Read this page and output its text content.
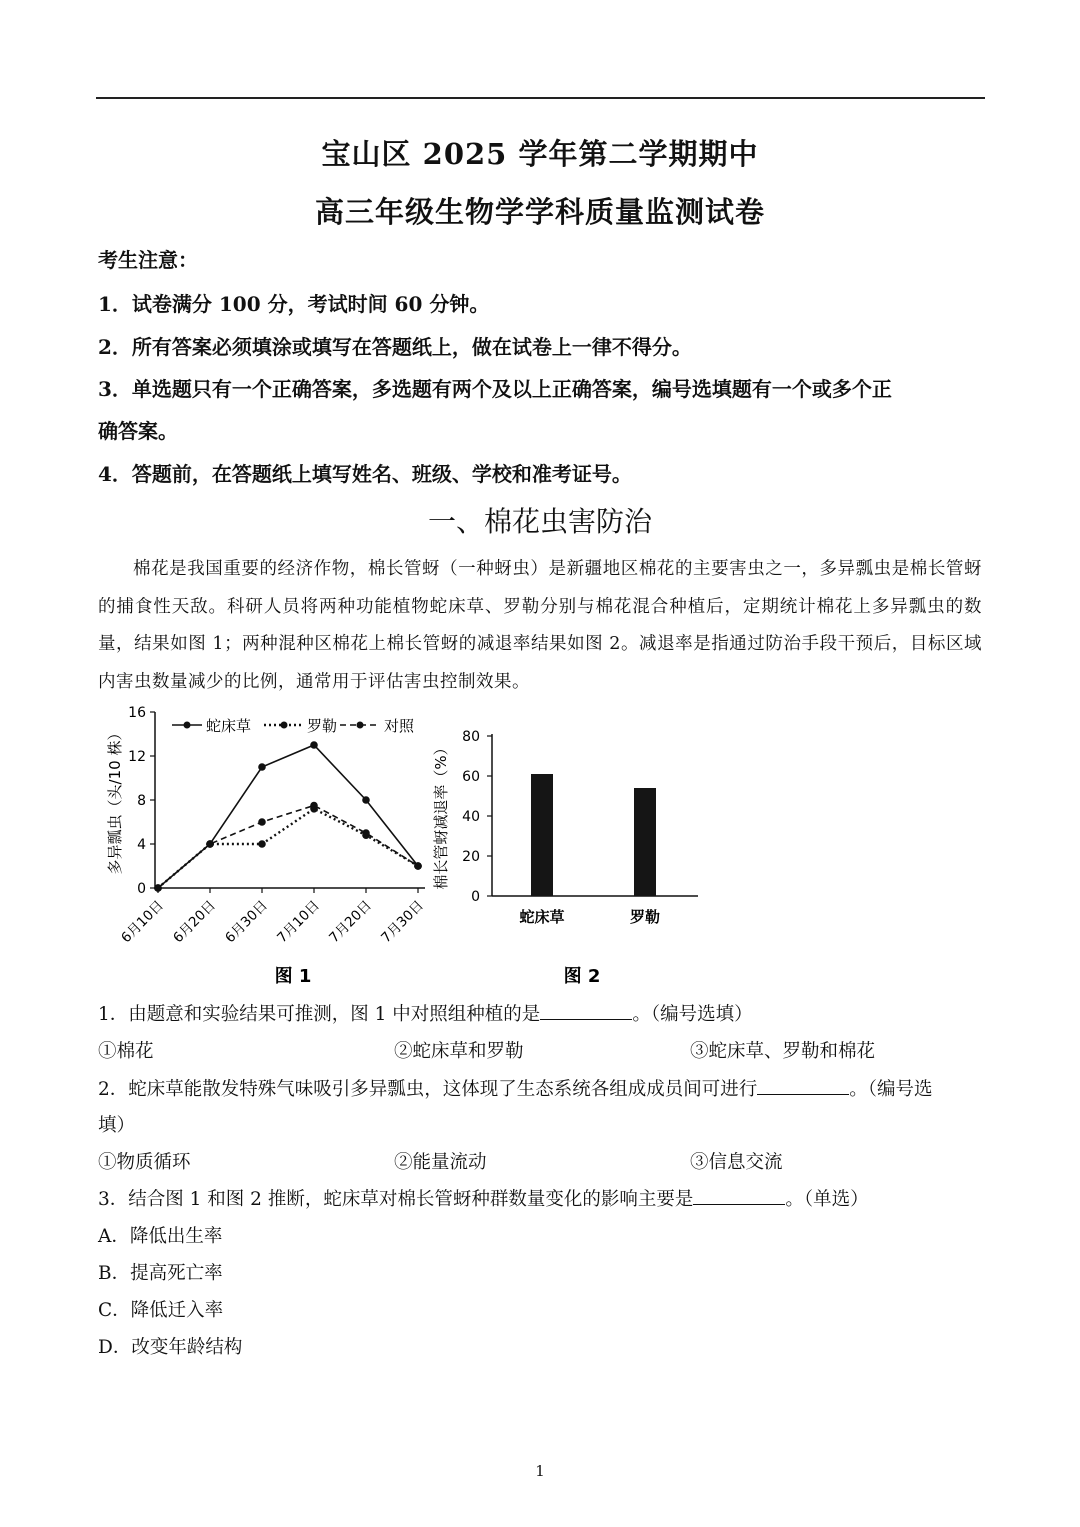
宝山区 2025 学年第二学期期中
高三年级生物学学科质量监测试卷
考生注意：
1．试卷满分 100 分，考试时间 60 分钟。
2．所有答案必须填涂或填写在答题纸上，做在试卷上一律不得分。
3．单选题只有一个正确答案，多选题有两个及以上正确答案，编号选填题有一个或多个正
确答案。
4．答题前，在答题纸上填写姓名、班级、学校和准考证号。
一、棉花虫害防治
棉花是我国重要的经济作物，棉长管蚜（一种蚜虫）是新疆地区棉花的主要害虫之一，多异瓢虫是棉长管蚜的捕食性天敌。科研人员将两种功能植物蛇床草、罗勒分别与棉花混合种植后，定期统计棉花上多异瓢虫的数量，结果如图 1；两种混种区棉花上棉长管蚜的减退率结果如图 2。减退率是指通过防治手段干预后，目标区域内害虫数量减少的比例，通常用于评估害虫控制效果。
0
4
8
12
16
6月10日 6月20日 6月30日 7月10日 7月20日 7月30日
蛇床草	罗勒	对照
多异瓢虫（头/10 株）
图 1
0
20
40
60
80
蛇床草	罗勒
棉长管蚜减退率（%）
图 2
1．由题意和实验结果可推测，图 1 中对照组种植的是	。（编号选填）
①棉花	②蛇床草和罗勒	③蛇床草、罗勒和棉花
2．蛇床草能散发特殊气味吸引多异瓢虫，这体现了生态系统各组成成员间可进行	。（编号选
填）
①物质循环	②能量流动	③信息交流
3．结合图 1 和图 2 推断，蛇床草对棉长管蚜种群数量变化的影响主要是	。（单选）
A．降低出生率
B．提高死亡率
C．降低迁入率
D．改变年龄结构
1
